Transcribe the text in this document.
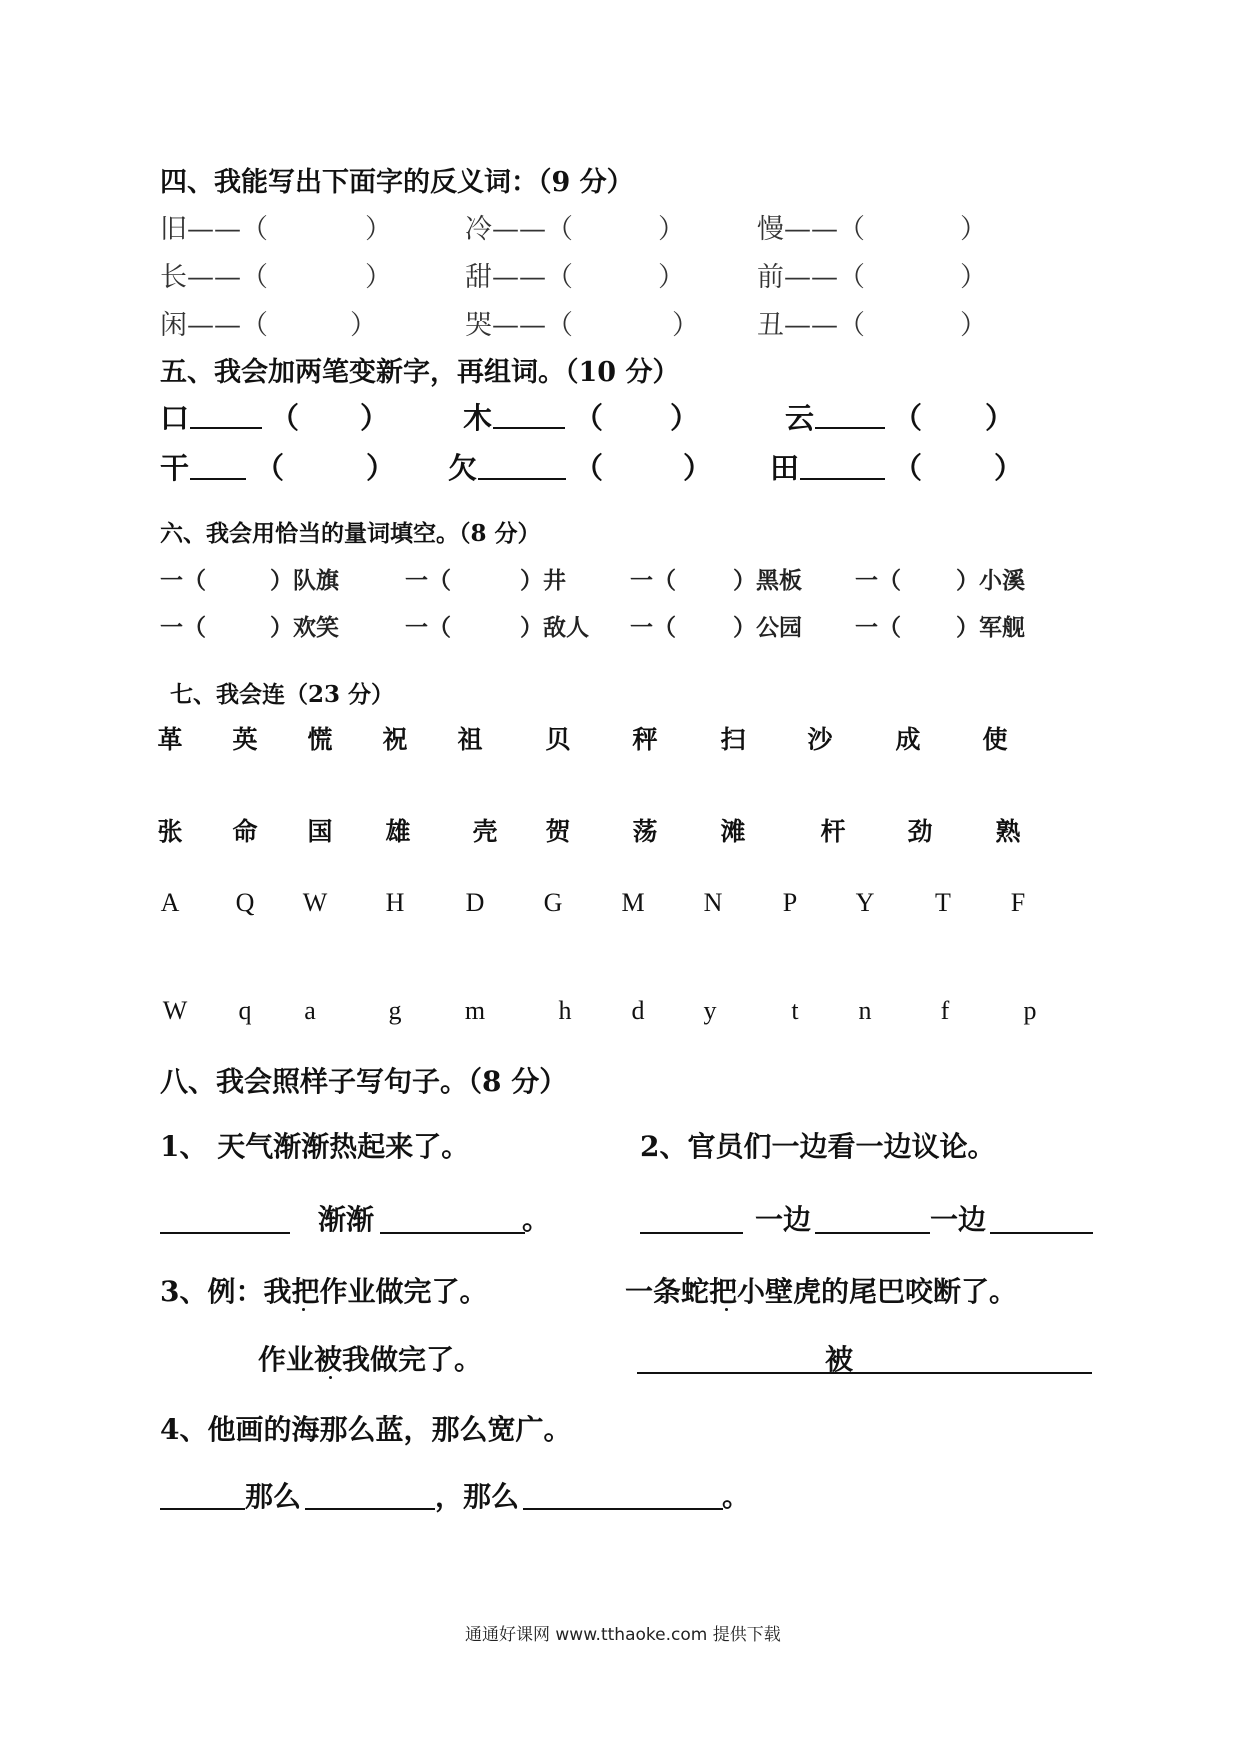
四、我能写出下面字的反义词：（9 分）
旧——（	）	冷——（	）	慢——（	）
长——（	）	甜——（	）	前——（	）
闲——（	）	哭——（	） 丑——（	）
五、我会加两笔变新字，再组词。（10 分）
口	（ ）	木	（ ）	云	（ ）
干 （	） 欠	（	） 田	（ ）
六、我会用恰当的量词填空。（8 分）
一（	）队旗	一（	）井	一（ ）黑板 一（ ）小溪
一（	）欢笑	一（	）敌人 一（ ）公园 一（ ）军舰
七、我会连（23 分）
革	英	慌	祝	祖	贝	秤	扫	沙	成	使
张	命	国	雄	壳	贺	荡	滩	杆	劲	熟
A	Q	W	H	D	G	M	N	P	Y	T	F
W	q	a	g	m	h	d	y	t	n	f	p
八、我会照样子写句子。（8 分）
1、 天气渐渐热起来了。	2、官员们一边看一边议论。
渐渐	。	一边	一边
3、例：我把作业做完了。	一条蛇把小壁虎的尾巴咬断了。
作业被我做完了。	被
4、他画的海那么蓝，那么宽广。
那么	，那么	。
通通好课网 www.tthaoke.com 提供下载
